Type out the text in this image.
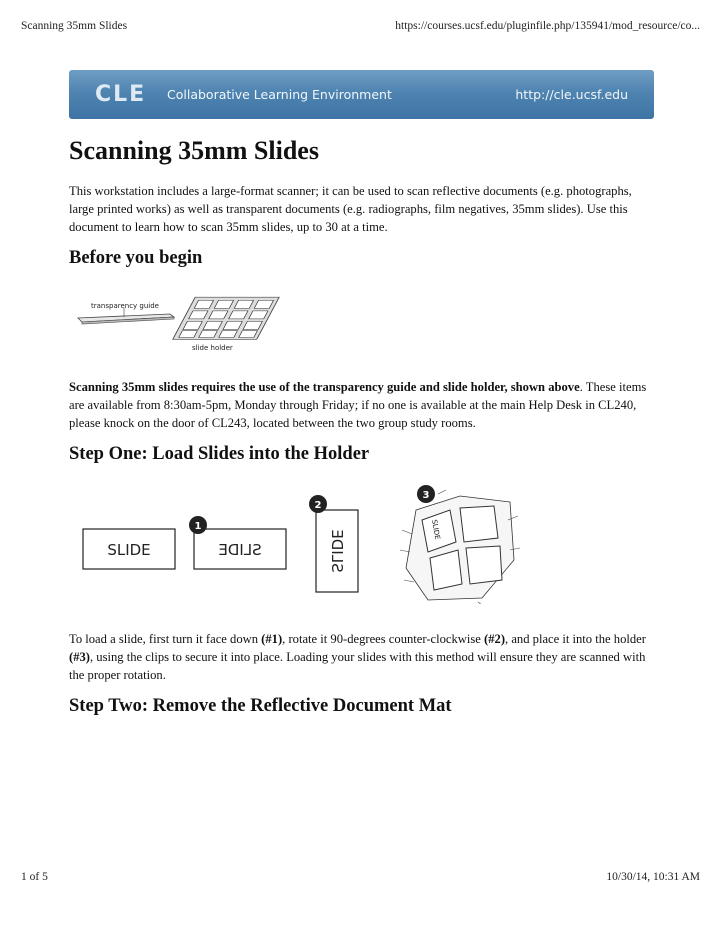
Scanning 35mm Slides	https://courses.ucsf.edu/pluginfile.php/135941/mod_resource/co...
CLE Collaborative Learning Environment	http://cle.ucsf.edu
Scanning 35mm Slides

This workstation includes a large-format scanner; it can be used to scan reflective documents (e.g. photographs, large printed works) as well as transparent documents (e.g. radiographs, film negatives, 35mm slides). Use this document to learn how to scan 35mm slides, up to 30 at a time.

Before you begin
transparency guide
slide holder

Scanning 35mm slides requires the use of the transparency guide and slide holder, shown above. These items are available from 8:30am-5pm, Monday through Friday; if no one is available at the main Help Desk in CL240, please knock on the door of CL243, located between the two group study rooms.

Step One: Load Slides into the Holder
SLIDE	SLIDE
1
SLIDE
2
SLIDE
3

To load a slide, first turn it face down (#1), rotate it 90-degrees counter-clockwise (#2), and place it into the holder (#3), using the clips to secure it into place. Loading your slides with this method will ensure they are scanned with the proper rotation.

Step Two: Remove the Reflective Document Mat
1 of 5	10/30/14, 10:31 AM
